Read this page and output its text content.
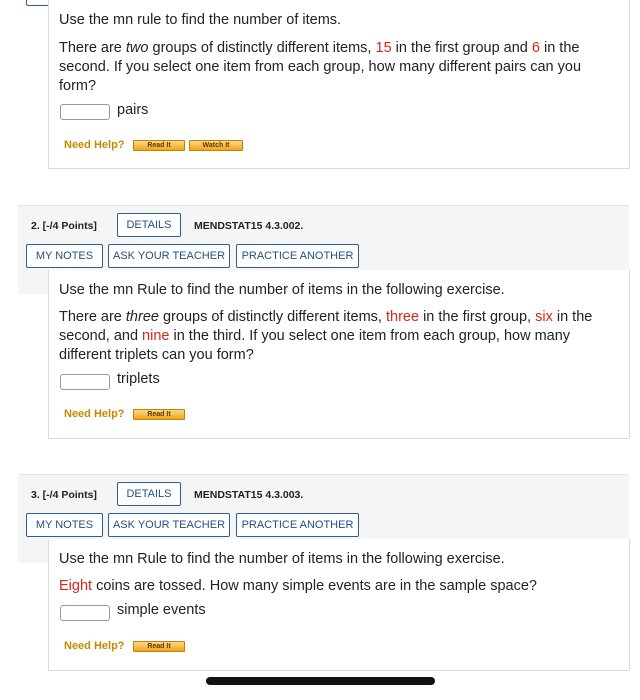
Use the mn rule to find the number of items.
There are two groups of distinctly different items, 15 in the first group and 6 in the second. If you select one item from each group, how many different pairs can you form?
pairs
Need Help?	Read It	Watch It
2. [-/4 Points]	DETAILS	MENDSTAT15 4.3.002.
MY NOTES	ASK YOUR TEACHER	PRACTICE ANOTHER
Use the mn Rule to find the number of items in the following exercise.
There are three groups of distinctly different items, three in the first group, six in the second, and nine in the third. If you select one item from each group, how many different triplets can you form?
triplets
Need Help?	Read It
3. [-/4 Points]	DETAILS	MENDSTAT15 4.3.003.
MY NOTES	ASK YOUR TEACHER	PRACTICE ANOTHER
Use the mn Rule to find the number of items in the following exercise.
Eight coins are tossed. How many simple events are in the sample space?
simple events
Need Help?	Read It
